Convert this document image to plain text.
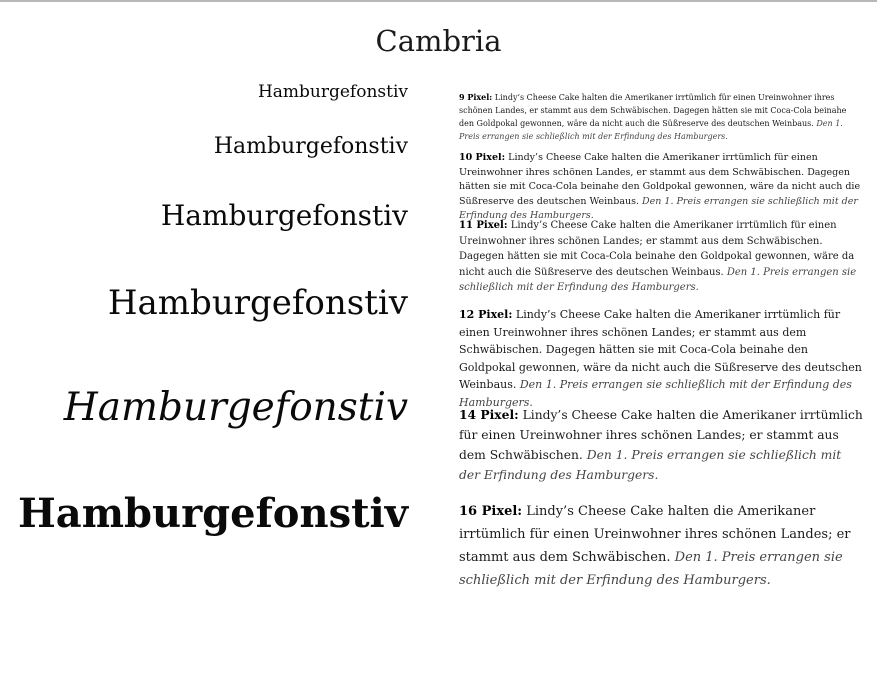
Cambria
Hamburgefonstiv
Hamburgefonstiv
Hamburgefonstiv
Hamburgefonstiv
Hamburgefonstiv
Hamburgefonstiv
9 Pixel: Lindy’s Cheese Cake halten die Amerikaner irrtümlich für einen Ureinwohner ihres schönen Landes, er stammt aus dem Schwäbischen. Dagegen hätten sie mit Coca-Cola beinahe den Goldpokal gewonnen, wäre da nicht auch die Süßreserve des deutschen Weinbaus. Den 1. Preis errangen sie schließlich mit der Erfindung des Hamburgers.
10 Pixel: Lindy’s Cheese Cake halten die Amerikaner irrtümlich für einen Ureinwohner ihres schönen Landes, er stammt aus dem Schwäbischen. Dagegen hätten sie mit Coca-Cola beinahe den Goldpokal gewonnen, wäre da nicht auch die Süßreserve des deutschen Weinbaus. Den 1. Preis errangen sie schließlich mit der Erfindung des Hamburgers.
11 Pixel: Lindy’s Cheese Cake halten die Amerikaner irrtümlich für einen Ureinwohner ihres schönen Landes; er stammt aus dem Schwäbischen. Dagegen hätten sie mit Coca-Cola beinahe den Goldpokal gewonnen, wäre da nicht auch die Süßreserve des deutschen Weinbaus. Den 1. Preis errangen sie schließlich mit der Erfindung des Hamburgers.
12 Pixel: Lindy’s Cheese Cake halten die Amerikaner irrtümlich für einen Ureinwohner ihres schönen Landes; er stammt aus dem Schwäbischen. Dagegen hätten sie mit Coca-Cola beinahe den Goldpokal gewonnen, wäre da nicht auch die Süßreserve des deutschen Weinbaus. Den 1. Preis errangen sie schließlich mit der Erfindung des Hamburgers.
14 Pixel: Lindy’s Cheese Cake halten die Amerikaner irrtümlich für einen Ureinwohner ihres schönen Landes; er stammt aus dem Schwäbischen. Den 1. Preis errangen sie schließlich mit der Erfindung des Hamburgers.
16 Pixel: Lindy’s Cheese Cake halten die Amerikaner irrtümlich für einen Ureinwohner ihres schönen Landes; er stammt aus dem Schwäbischen. Den 1. Preis errangen sie schließlich mit der Erfindung des Hamburgers.
